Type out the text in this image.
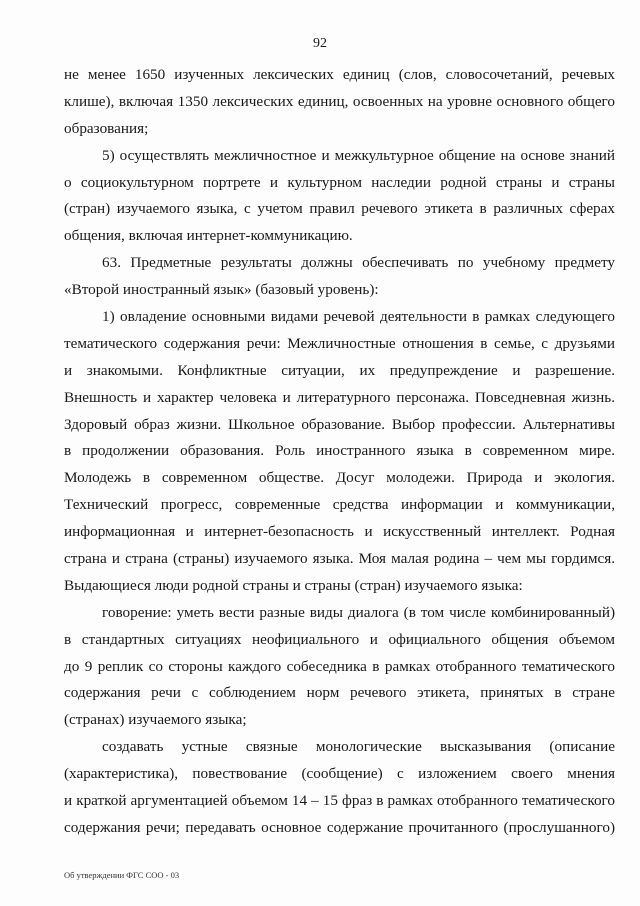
92
не менее 1650 изученных лексических единиц (слов, словосочетаний, речевых
клише), включая 1350 лексических единиц, освоенных на уровне основного общего
образования;
5) осуществлять межличностное и межкультурное общение на основе знаний
о социокультурном портрете и культурном наследии родной страны и страны
(стран) изучаемого языка, с учетом правил речевого этикета в различных сферах
общения, включая интернет-коммуникацию.
63. Предметные результаты должны обеспечивать по учебному предмету
«Второй иностранный язык» (базовый уровень):
1) овладение основными видами речевой деятельности в рамках следующего
тематического содержания речи: Межличностные отношения в семье, с друзьями
и знакомыми. Конфликтные ситуации, их предупреждение и разрешение.
Внешность и характер человека и литературного персонажа. Повседневная жизнь.
Здоровый образ жизни. Школьное образование. Выбор профессии. Альтернативы
в продолжении образования. Роль иностранного языка в современном мире.
Молодежь в современном обществе. Досуг молодежи. Природа и экология.
Технический прогресс, современные средства информации и коммуникации,
информационная и интернет-безопасность и искусственный интеллект. Родная
страна и страна (страны) изучаемого языка. Моя малая родина – чем мы гордимся.
Выдающиеся люди родной страны и страны (стран) изучаемого языка:
говорение: уметь вести разные виды диалога (в том числе комбинированный)
в стандартных ситуациях неофициального и официального общения объемом
до 9 реплик со стороны каждого собеседника в рамках отобранного тематического
содержания речи с соблюдением норм речевого этикета, принятых в стране
(странах) изучаемого языка;
создавать устные связные монологические высказывания (описание
(характеристика), повествование (сообщение) с изложением своего мнения
и краткой аргументацией объемом 14 – 15 фраз в рамках отобранного тематического
содержания речи; передавать основное содержание прочитанного (прослушанного)
Об утверждении ФГС СОО - 03
